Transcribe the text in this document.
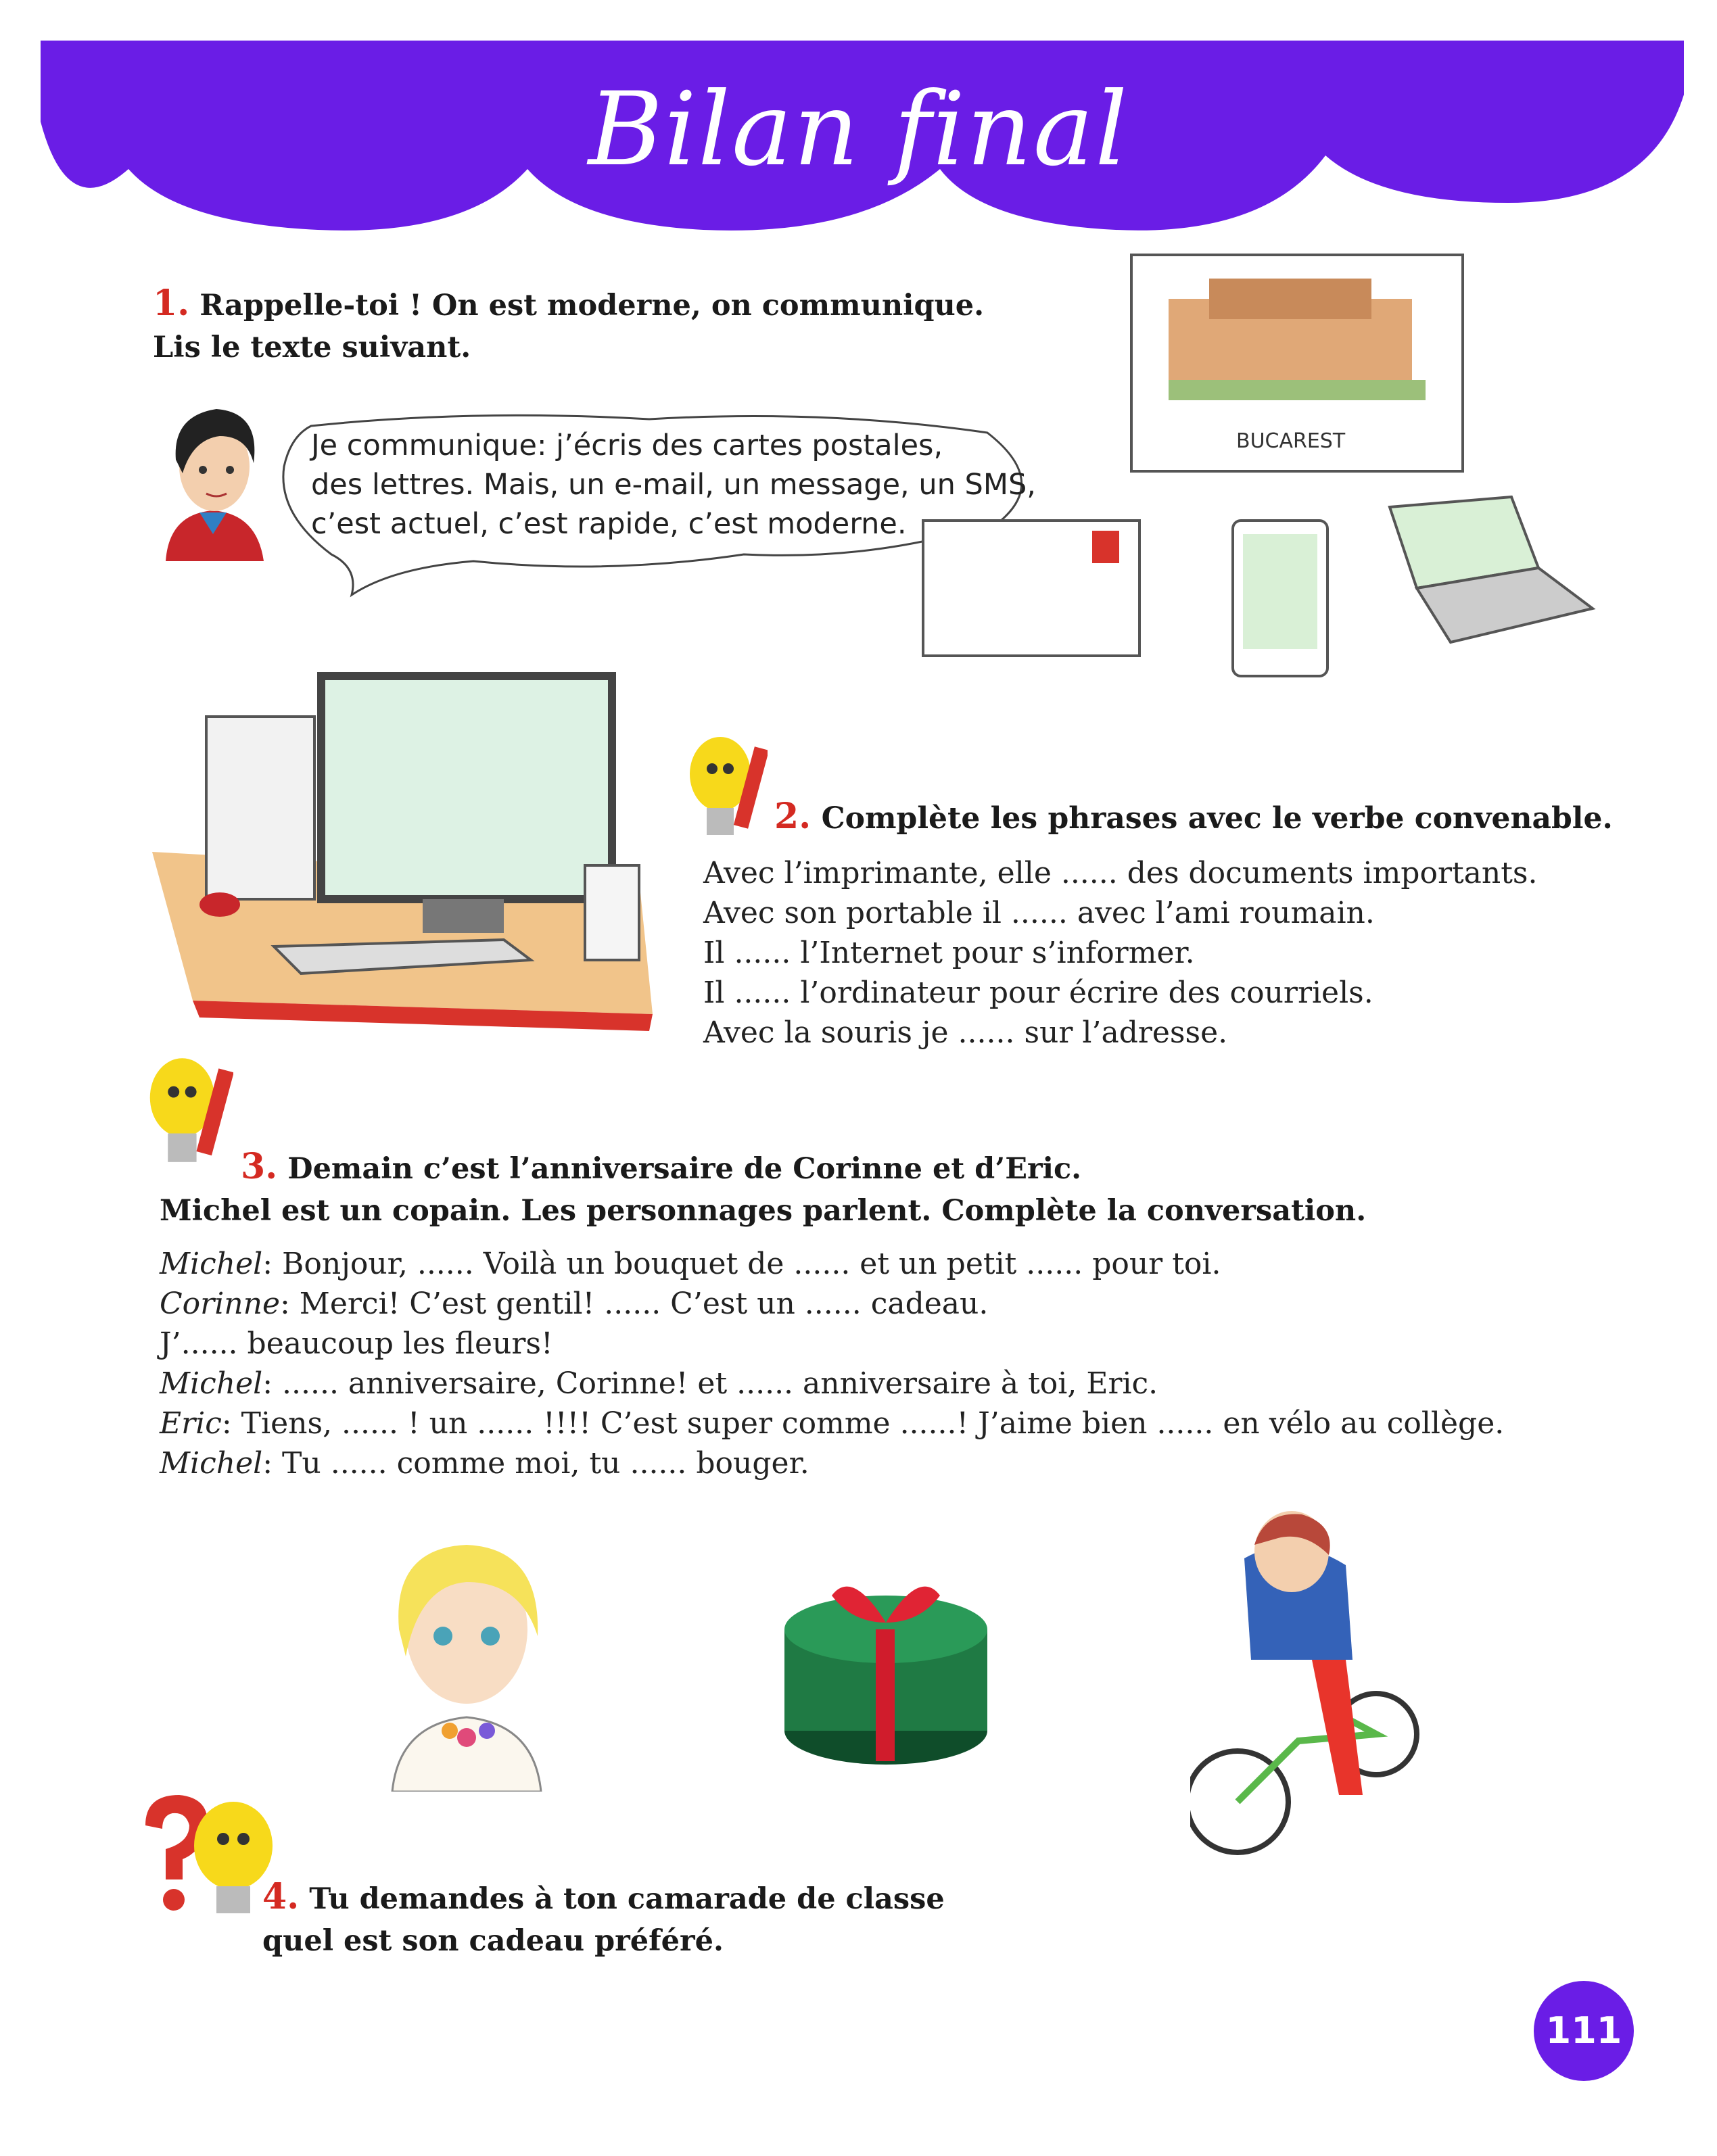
Bilan final
1. Rappelle-toi ! On est moderne, on communique.
Lis le texte suivant.
Je communique: j’écris des cartes postales,
des lettres. Mais, un e-mail, un message, un SMS,
c’est actuel, c’est rapide, c’est moderne.
BUCAREST
2. Complète les phrases avec le verbe convenable.
Avec l’imprimante, elle ...... des documents importants.
Avec son portable il ...... avec l’ami roumain.
Il ...... l’Internet pour s’informer.
Il ...... l’ordinateur pour écrire des courriels.
Avec la souris je ...... sur l’adresse.
3. Demain c’est l’anniversaire de Corinne et d’Eric.
Michel est un copain. Les personnages parlent. Complète la conversation.
Michel: Bonjour, ...... Voilà un bouquet de ...... et un petit ...... pour toi.
Corinne: Merci! C’est gentil! ...... C’est un ...... cadeau.
J’...... beaucoup les fleurs!
Michel: ...... anniversaire, Corinne! et ...... anniversaire à toi, Eric.
Eric: Tiens, ...... ! un ...... !!!! C’est super comme ......! J’aime bien ...... en vélo au collège.
Michel: Tu ...... comme moi, tu ...... bouger.
4. Tu demandes à ton camarade de classe
quel est son cadeau préféré.
111
